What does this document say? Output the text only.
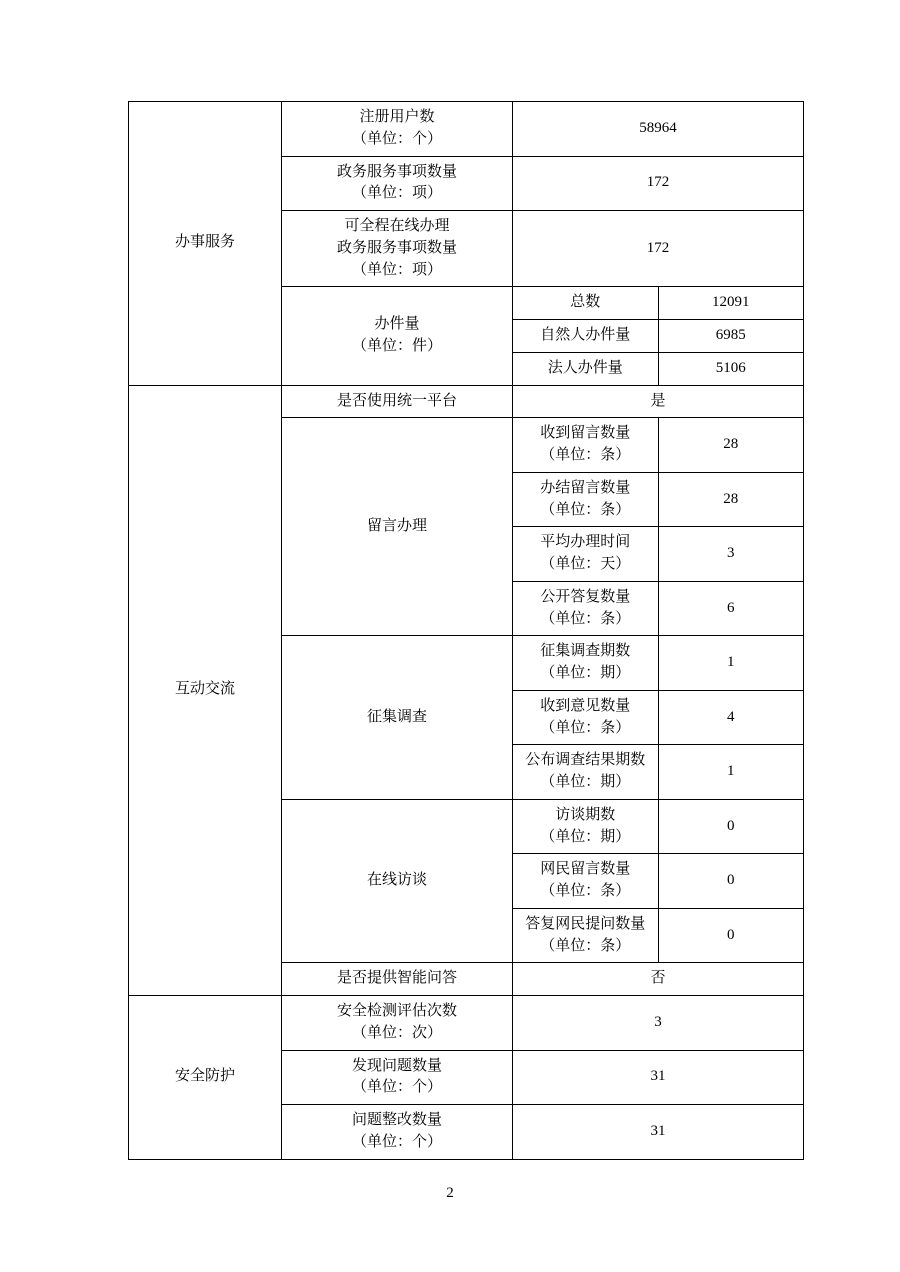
办事服务	注册用户数
（单位：个）	58964	

	政务服务事项数量
（单位：项）	172	

	可全程在线办理
政务服务事项数量
（单位：项）	172	

	办件量
（单位：件）	总数	12091
		自然人办件量	6985
		法人办件量	5106
互动交流	是否使用统一平台	是	
	留言办理	收到留言数量
（单位：条）	28

		办结留言数量
（单位：条）	28

		平均办理时间
（单位：天）	3

		公开答复数量
（单位：条）	6
	征集调查	征集调查期数
（单位：期）	1

		收到意见数量
（单位：条）	4

		公布调查结果期数
（单位：期）	1
	在线访谈	访谈期数
（单位：期）	0

		网民留言数量
（单位：条）	0

		答复网民提问数量
（单位：条）	0
	是否提供智能问答	否	
安全防护	安全检测评估次数
（单位：次）	3	

	发现问题数量
（单位：个）	31	

	问题整改数量
（单位：个）	31	
2
